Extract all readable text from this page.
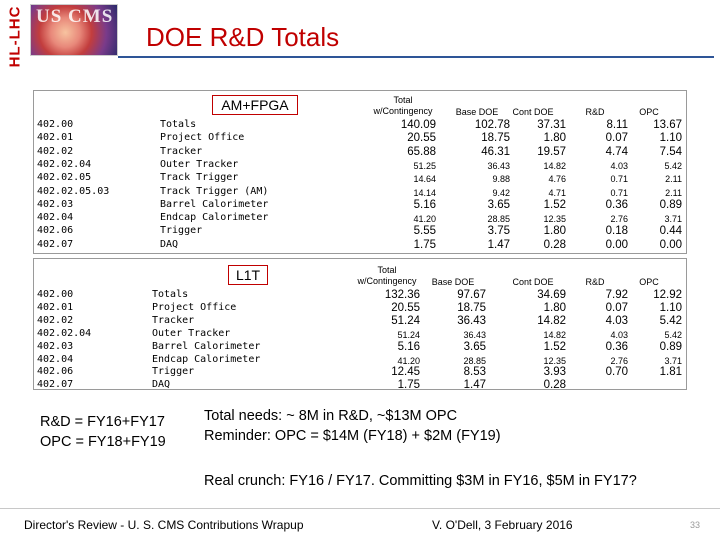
HL-LHC US CMS
DOE R&D Totals
AM+FPGA	Total
w/Contingency	Base DOE	Cont DOE	R&D	OPC
402.00	Totals	140.09	102.78	37.31	8.11	13.67
402.01	Project Office	20.55	18.75	1.80	0.07	1.10
402.02	Tracker	65.88	46.31	19.57	4.74	7.54
402.02.04	Outer Tracker	51.25	36.43	14.82	4.03	5.42
402.02.05	Track Trigger	14.64	9.88	4.76	0.71	2.11
402.02.05.03	Track Trigger (AM)	14.14	9.42	4.71	0.71	2.11
402.03	Barrel Calorimeter	5.16	3.65	1.52	0.36	0.89
402.04	Endcap Calorimeter	41.20	28.85	12.35	2.76	3.71
402.06	Trigger	5.55	3.75	1.80	0.18	0.44
402.07	DAQ	1.75	1.47	0.28	0.00	0.00
L1T	Total
w/Contingency	Base DOE	Cont DOE	R&D	OPC
402.00	Totals	132.36	97.67	34.69	7.92	12.92
402.01	Project Office	20.55	18.75	1.80	0.07	1.10
402.02	Tracker	51.24	36.43	14.82	4.03	5.42
402.02.04	Outer Tracker	51.24	36.43	14.82	4.03	5.42
402.03	Barrel Calorimeter	5.16	3.65	1.52	0.36	0.89
402.04	Endcap Calorimeter	41.20	28.85	12.35	2.76	3.71
402.06	Trigger	12.45	8.53	3.93	0.70	1.81
402.07	DAQ	1.75	1.47	0.28
R&D = FY16+FY17
OPC = FY18+FY19
Total needs: ~ 8M in R&D, ~$13M OPC
Reminder: OPC = $14M (FY18) + $2M (FY19)
Real crunch: FY16 / FY17. Committing $3M in FY16, $5M in FY17?
Director's Review - U. S. CMS Contributions Wrapup	V. O'Dell, 3 February 2016	33
